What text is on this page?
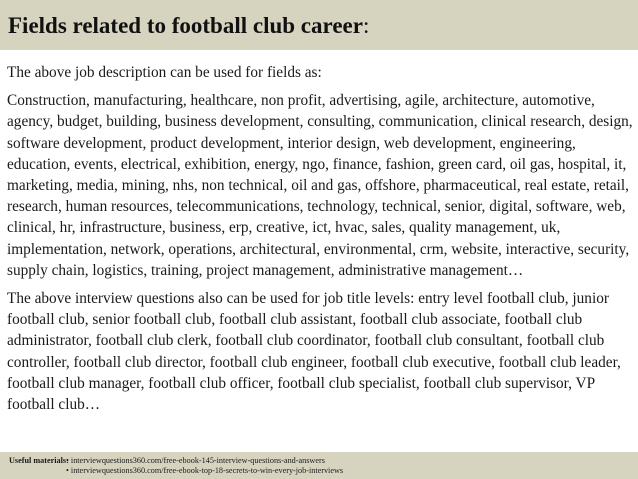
Fields related to football club career:

The above job description can be used for fields as:

Construction, manufacturing, healthcare, non profit, advertising, agile, architecture, automotive, agency, budget, building, business development, consulting, communication, clinical research, design, software development, product development, interior design, web development, engineering, education, events, electrical, exhibition, energy, ngo, finance, fashion, green card, oil gas, hospital, it, marketing, media, mining, nhs, non technical, oil and gas, offshore, pharmaceutical, real estate, retail, research, human resources, telecommunications, technology, technical, senior, digital, software, web, clinical, hr, infrastructure, business, erp, creative, ict, hvac, sales, quality management, uk, implementation, network, operations, architectural, environmental, crm, website, interactive, security, supply chain, logistics, training, project management, administrative management…

The above interview questions also can be used for job title levels: entry level football club, junior football club, senior football club, football club assistant, football club associate, football club administrator, football club clerk, football club coordinator, football club consultant, football club controller, football club director, football club engineer, football club executive, football club leader, football club manager, football club officer, football club specialist, football club supervisor, VP football club…

Useful materials:
• interviewquestions360.com/free-ebook-145-interview-questions-and-answers
• interviewquestions360.com/free-ebook-top-18-secrets-to-win-every-job-interviews
